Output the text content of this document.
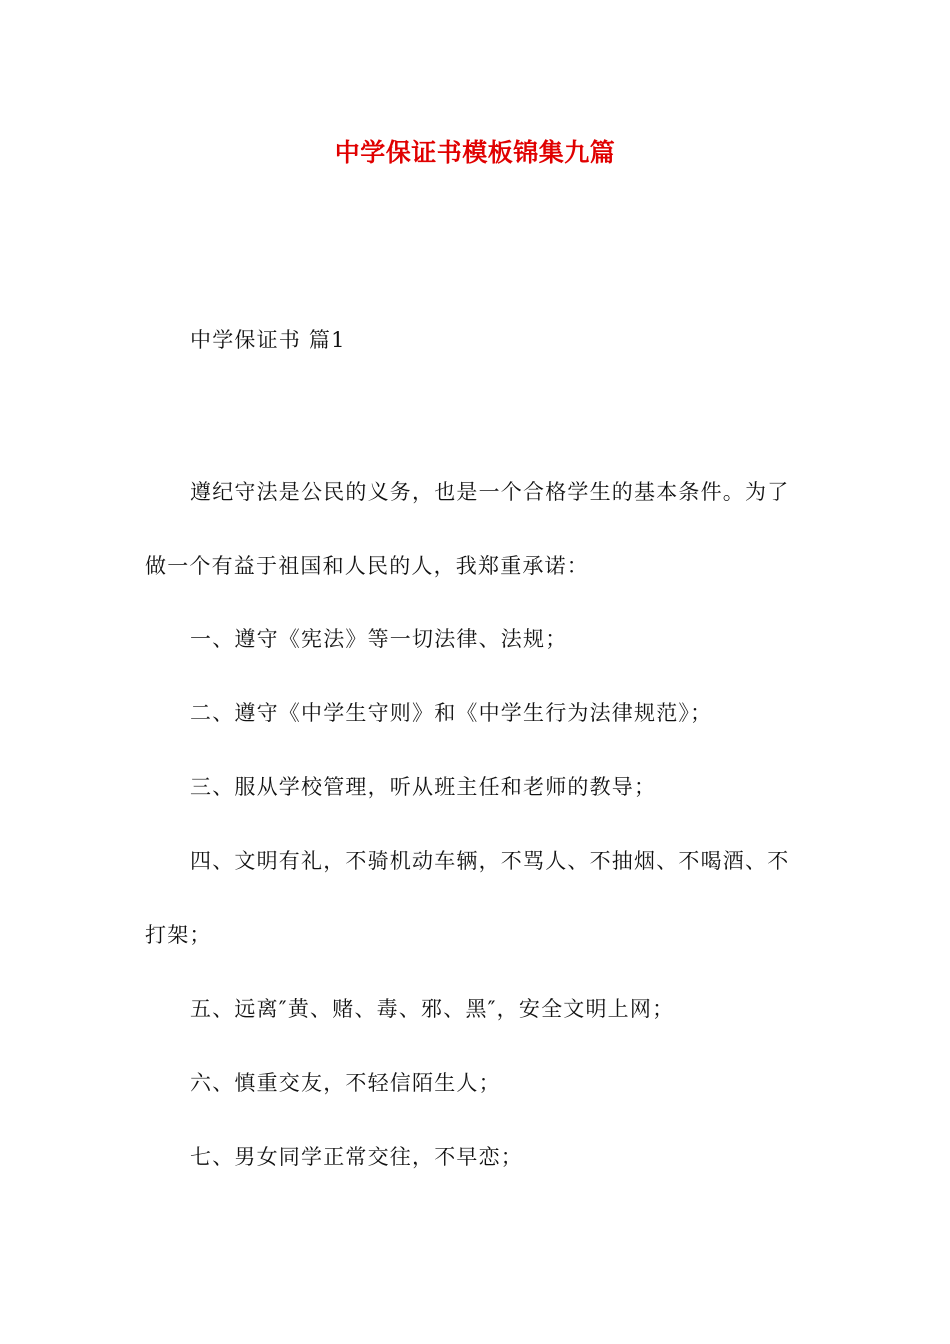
中学保证书模板锦集九篇
中学保证书 篇1
遵纪守法是公民的义务，也是一个合格学生的基本条件。为了
做一个有益于祖国和人民的人，我郑重承诺：
一、遵守《宪法》等一切法律、法规；
二、遵守《中学生守则》和《中学生行为法律规范》；
三、服从学校管理，听从班主任和老师的教导；
四、文明有礼，不骑机动车辆，不骂人、不抽烟、不喝酒、不
打架；
五、远离″黄、赌、毒、邪、黑″，安全文明上网；
六、慎重交友，不轻信陌生人；
七、男女同学正常交往，不早恋；
